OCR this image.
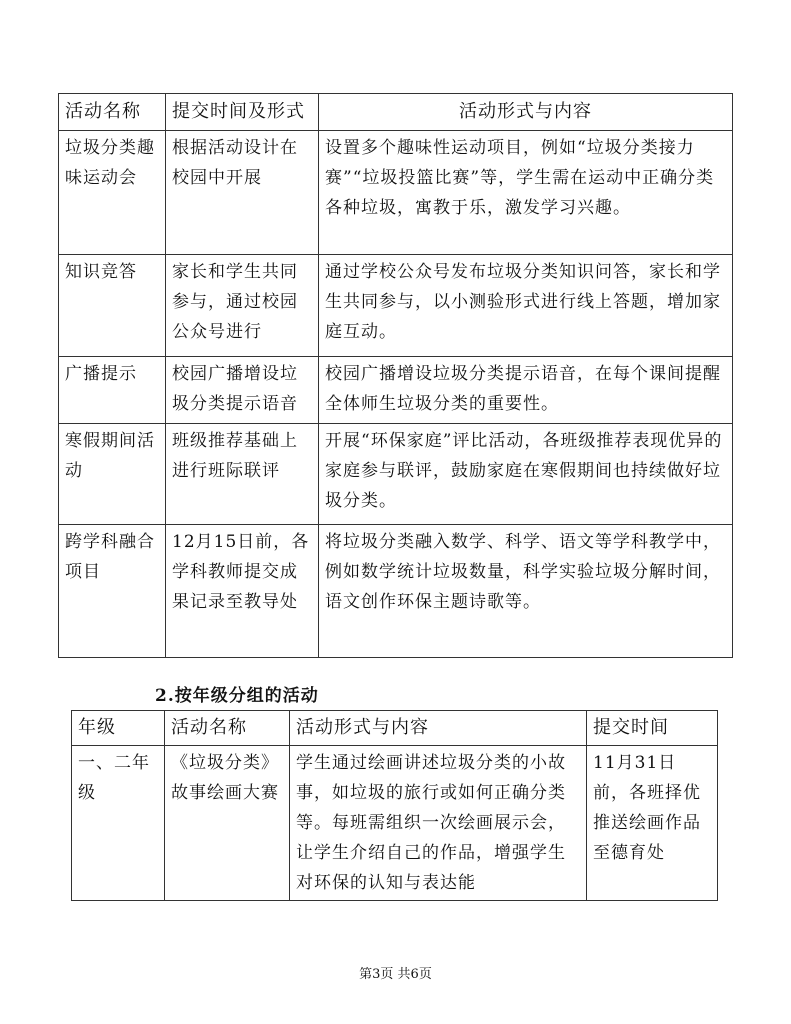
活动名称	提交时间及形式	活动形式与内容
垃圾分类趣味运动会	根据活动设计在校园中开展	设置多个趣味性运动项目，例如“垃圾分类接力赛”“垃圾投篮比赛”等，学生需在运动中正确分类各种垃圾，寓教于乐，激发学习兴趣。
知识竞答	家长和学生共同参与，通过校园公众号进行	通过学校公众号发布垃圾分类知识问答，家长和学生共同参与，以小测验形式进行线上答题，增加家庭互动。
广播提示	校园广播增设垃圾分类提示语音	校园广播增设垃圾分类提示语音，在每个课间提醒全体师生垃圾分类的重要性。
寒假期间活动	班级推荐基础上进行班际联评	开展“环保家庭”评比活动，各班级推荐表现优异的家庭参与联评，鼓励家庭在寒假期间也持续做好垃圾分类。
跨学科融合项目	12月15日前，各学科教师提交成果记录至教导处	将垃圾分类融入数学、科学、语文等学科教学中，例如数学统计垃圾数量，科学实验垃圾分解时间，语文创作环保主题诗歌等。
2.按年级分组的活动
年级	活动名称	活动形式与内容	提交时间
一、二年级	《垃圾分类》故事绘画大赛	学生通过绘画讲述垃圾分类的小故事，如垃圾的旅行或如何正确分类等。每班需组织一次绘画展示会，让学生介绍自己的作品，增强学生对环保的认知与表达能	11月31日前，各班择优推送绘画作品至德育处
第3页 共6页
